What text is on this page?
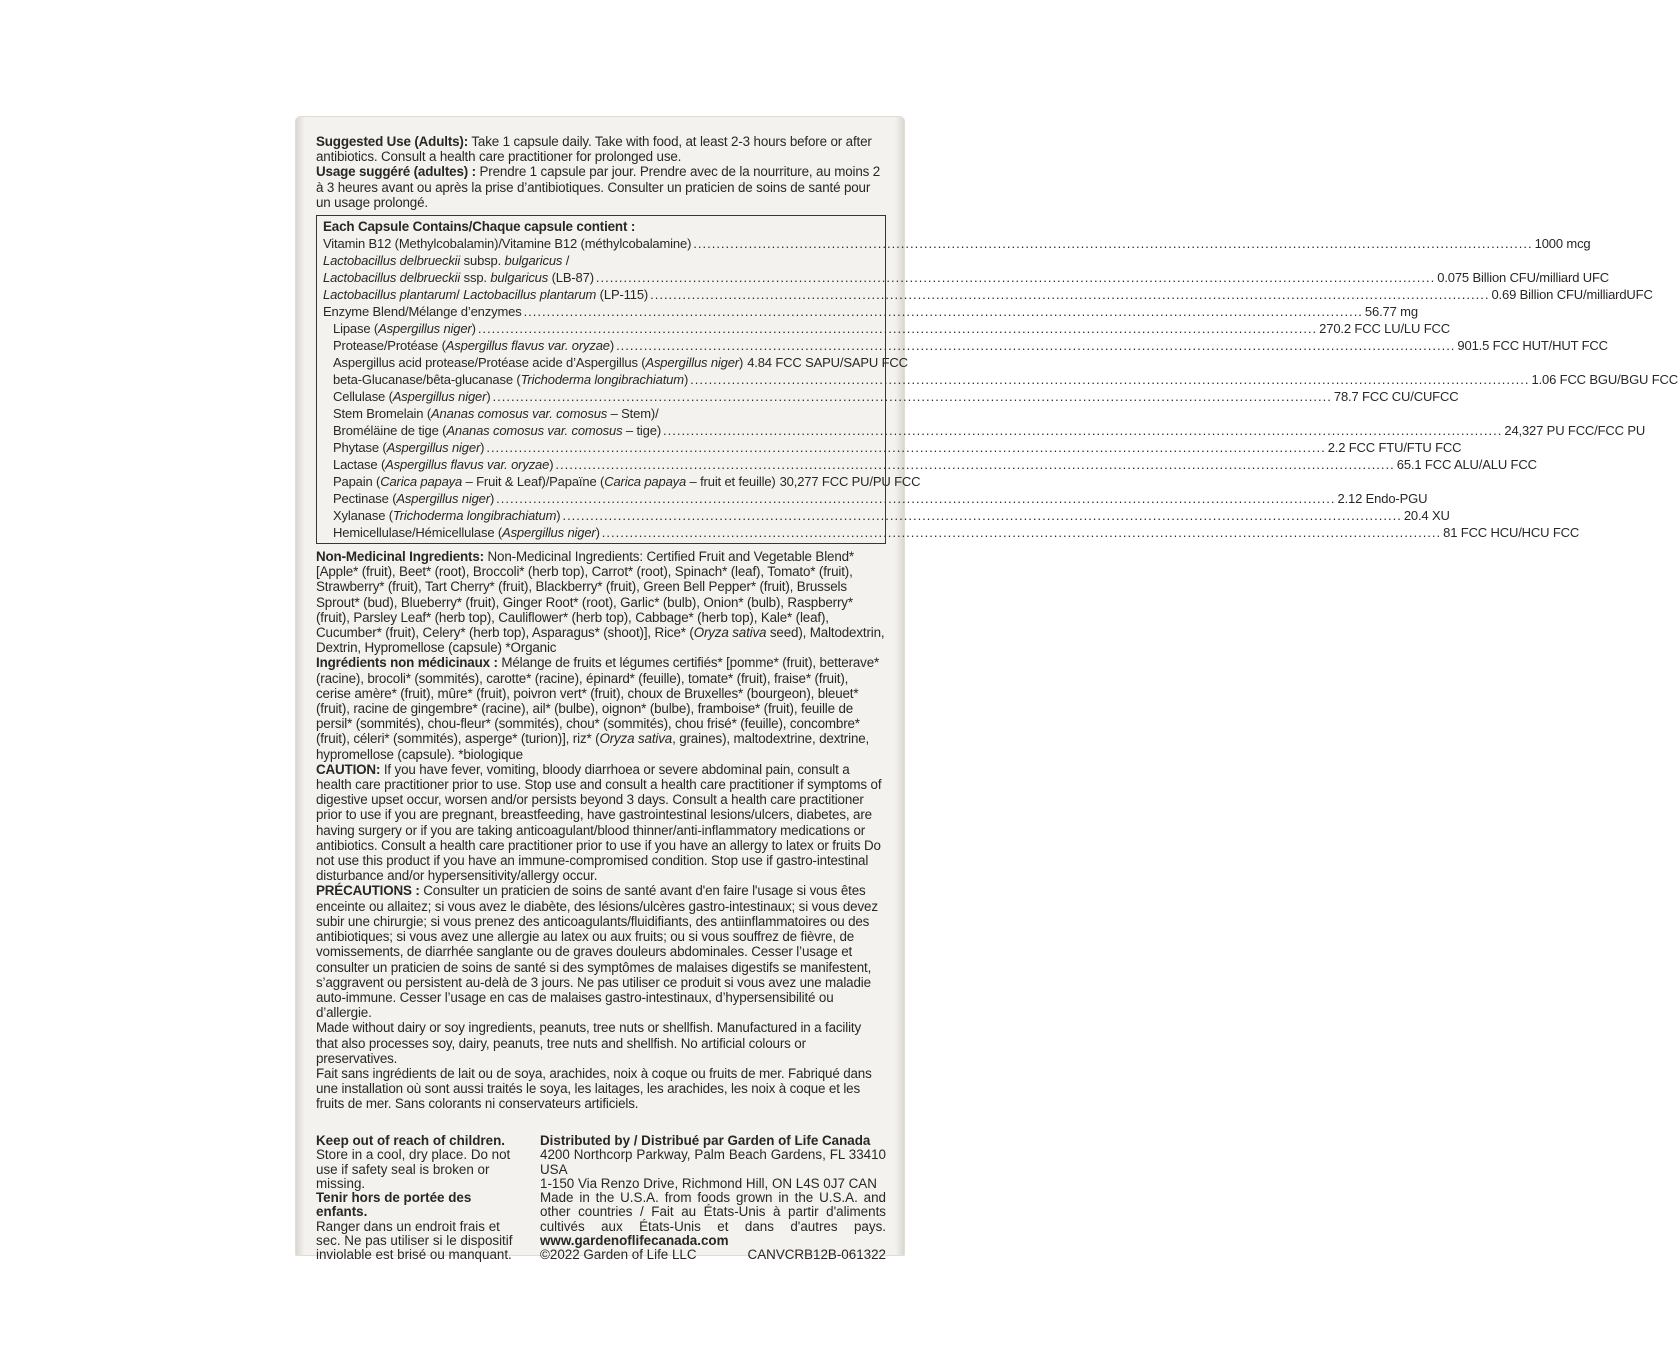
Suggested Use (Adults): Take 1 capsule daily. Take with food, at least 2-3 hours before or after antibiotics. Consult a health care practitioner for prolonged use.

Usage suggéré (adultes) : Prendre 1 capsule par jour. Prendre avec de la nourriture, au moins 2 à 3 heures avant ou après la prise d’antibiotiques. Consulter un praticien de soins de santé pour un usage prolongé.

Each Capsule Contains/Chaque capsule contient :
Vitamin B12 (Methylcobalamin)/Vitamine B12 (méthylcobalamine) .....	1000 mcg
Lactobacillus delbrueckii subsp. bulgaricus /
Lactobacillus delbrueckii ssp. bulgaricus (LB-87) .....	0.075 Billion CFU/milliard UFC
Lactobacillus plantarum/ Lactobacillus plantarum (LP-115) .....	0.69 Billion CFU/milliardUFC
Enzyme Blend/Mélange d’enzymes .....	56.77 mg
Lipase (Aspergillus niger) .....	270.2 FCC LU/LU FCC
Protease/Protéase (Aspergillus flavus var. oryzae) .....	901.5 FCC HUT/HUT FCC
Aspergillus acid protease/Protéase acide d’Aspergillus (Aspergillus niger) 4.84 FCC SAPU/SAPU FCC
beta-Glucanase/bêta-glucanase (Trichoderma longibrachiatum) .....	1.06 FCC BGU/BGU FCC
Cellulase (Aspergillus niger) .....	78.7 FCC CU/CUFCC
Stem Bromelain (Ananas comosus var. comosus – Stem)/
Broméläine de tige (Ananas comosus var. comosus – tige) .....	24,327 PU FCC/FCC PU
Phytase (Aspergillus niger) .....	2.2 FCC FTU/FTU FCC
Lactase (Aspergillus flavus var. oryzae) .....	65.1 FCC ALU/ALU FCC
Papain (Carica papaya – Fruit & Leaf)/Papaïne (Carica papaya – fruit et feuille) 30,277 FCC PU/PU FCC
Pectinase (Aspergillus niger) .....	2.12 Endo-PGU
Xylanase (Trichoderma longibrachiatum) .....	20.4 XU
Hemicellulase/Hémicellulase (Aspergillus niger) .....	81 FCC HCU/HCU FCC

Non-Medicinal Ingredients: Non-Medicinal Ingredients: Certified Fruit and Vegetable Blend* [Apple* (fruit), Beet* (root), Broccoli* (herb top), Carrot* (root), Spinach* (leaf), Tomato* (fruit), Strawberry* (fruit), Tart Cherry* (fruit), Blackberry* (fruit), Green Bell Pepper* (fruit), Brussels Sprout* (bud), Blueberry* (fruit), Ginger Root* (root), Garlic* (bulb), Onion* (bulb), Raspberry* (fruit), Parsley Leaf* (herb top), Cauliflower* (herb top), Cabbage* (herb top), Kale* (leaf), Cucumber* (fruit), Celery* (herb top), Asparagus* (shoot)], Rice* (Oryza sativa seed), Maltodextrin, Dextrin, Hypromellose (capsule) *Organic

Ingrédients non médicinaux : Mélange de fruits et légumes certifiés* [pomme* (fruit), betterave* (racine), brocoli* (sommités), carotte* (racine), épinard* (feuille), tomate* (fruit), fraise* (fruit), cerise amère* (fruit), mûre* (fruit), poivron vert* (fruit), choux de Bruxelles* (bourgeon), bleuet* (fruit), racine de gingembre* (racine), ail* (bulbe), oignon* (bulbe), framboise* (fruit), feuille de persil* (sommités), chou-fleur* (sommités), chou* (sommités), chou frisé* (feuille), concombre* (fruit), céleri* (sommités), asperge* (turion)], riz* (Oryza sativa, graines), maltodextrine, dextrine, hypromellose (capsule). *biologique

CAUTION: If you have fever, vomiting, bloody diarrhoea or severe abdominal pain, consult a health care practitioner prior to use. Stop use and consult a health care practitioner if symptoms of digestive upset occur, worsen and/or persists beyond 3 days. Consult a health care practitioner prior to use if you are pregnant, breastfeeding, have gastrointestinal lesions/ulcers, diabetes, are having surgery or if you are taking anticoagulant/blood thinner/anti-inflammatory medications or antibiotics. Consult a health care practitioner prior to use if you have an allergy to latex or fruits Do not use this product if you have an immune-compromised condition. Stop use if gastro-intestinal disturbance and/or hypersensitivity/allergy occur.

PRÉCAUTIONS : Consulter un praticien de soins de santé avant d'en faire l'usage si vous êtes enceinte ou allaitez; si vous avez le diabète, des lésions/ulcères gastro-intestinaux; si vous devez subir une chirurgie; si vous prenez des anticoagulants/fluidifiants, des antiinflammatoires ou des antibiotiques; si vous avez une allergie au latex ou aux fruits; ou si vous souffrez de fièvre, de vomissements, de diarrhée sanglante ou de graves douleurs abdominales. Cesser l’usage et consulter un praticien de soins de santé si des symptômes de malaises digestifs se manifestent, s’aggravent ou persistent au-delà de 3 jours. Ne pas utiliser ce produit si vous avez une maladie auto-immune. Cesser l’usage en cas de malaises gastro-intestinaux, d’hypersensibilité ou d’allergie.

Made without dairy or soy ingredients, peanuts, tree nuts or shellfish. Manufactured in a facility that also processes soy, dairy, peanuts, tree nuts and shellfish. No artificial colours or preservatives.

Fait sans ingrédients de lait ou de soya, arachides, noix à coque ou fruits de mer. Fabriqué dans une installation où sont aussi traités le soya, les laitages, les arachides, les noix à coque et les fruits de mer. Sans colorants ni conservateurs artificiels.

Keep out of reach of children.
Store in a cool, dry place. Do not use if safety seal is broken or missing.
Tenir hors de portée des enfants.
Ranger dans un endroit frais et sec. Ne pas utiliser si le dispositif inviolable est brisé ou manquant.
Distributed by / Distribué par Garden of Life Canada
4200 Northcorp Parkway, Palm Beach Gardens, FL 33410 USA
1-150 Via Renzo Drive, Richmond Hill, ON L4S 0J7 CAN
Made in the U.S.A. from foods grown in the U.S.A. and other countries / Fait au États-Unis à partir d'aliments cultivés aux États-Unis et dans d'autres pays. www.gardenoflifecanada.com
©2022 Garden of Life LLC	CANVCRB12B-061322
